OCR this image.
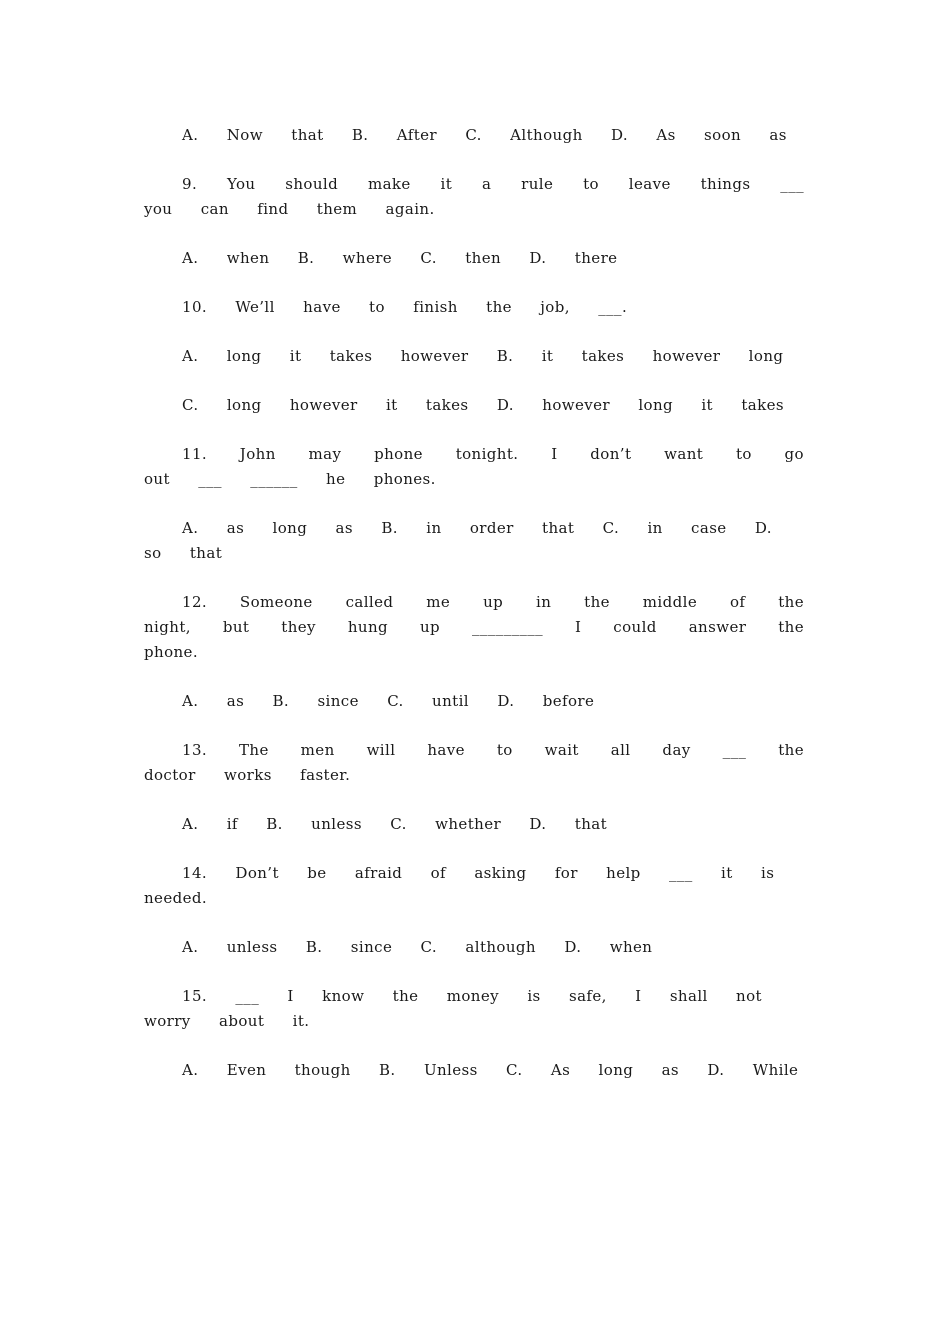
A.  Now  that  B.  After  C.  Although  D.  As  soon  as

9.  You  should  make  it  a  rule  to  leave  things  ___  you  can  find  them  again.

A.  when  B.  where  C.  then  D.  there

10.  We’ll  have  to  finish  the  job,  ___.

A.  long  it  takes  however  B.  it  takes  however  long

C.  long  however  it  takes  D.  however  long  it  takes

11.  John  may  phone  tonight.  I  don’t  want  to  go  out  ___  ______  he  phones.

A.  as  long  as  B.  in  order  that  C.  in  case  D.  so  that

12.  Someone  called  me  up  in  the  middle  of  the  night,  but  they  hung  up  _________  I  could  answer  the  phone.

A.  as  B.  since  C.  until  D.  before

13.  The  men  will  have  to  wait  all  day  ___  the  doctor  works  faster.

A.  if  B.  unless  C.  whether  D.  that

14.  Don’t  be  afraid  of  asking  for  help  ___  it  is  needed.

A.  unless  B.  since  C.  although  D.  when

15.  ___  I  know  the  money  is  safe,  I  shall  not  worry  about  it.

A.  Even  though  B.  Unless  C.  As  long  as  D.  While
